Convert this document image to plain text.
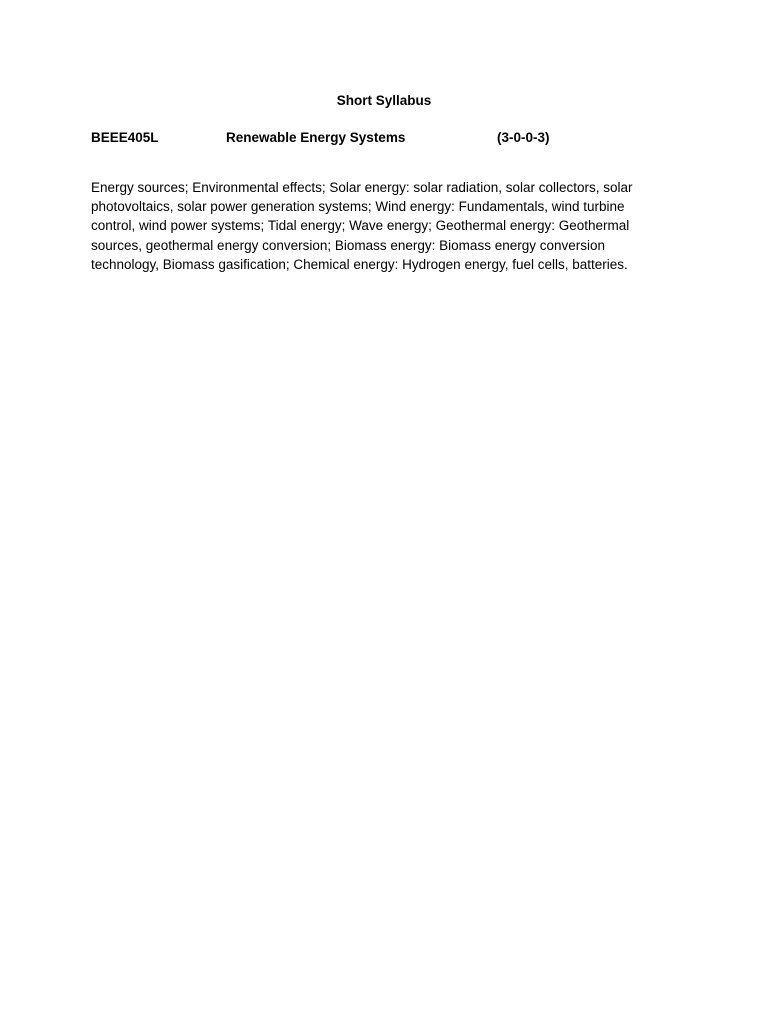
Short Syllabus
BEEE405L	Renewable Energy Systems	(3-0-0-3)

Energy sources; Environmental effects; Solar energy: solar radiation, solar collectors, solar photovoltaics, solar power generation systems; Wind energy: Fundamentals, wind turbine control, wind power systems; Tidal energy; Wave energy; Geothermal energy: Geothermal sources, geothermal energy conversion; Biomass energy: Biomass energy conversion technology, Biomass gasification; Chemical energy: Hydrogen energy, fuel cells, batteries.
